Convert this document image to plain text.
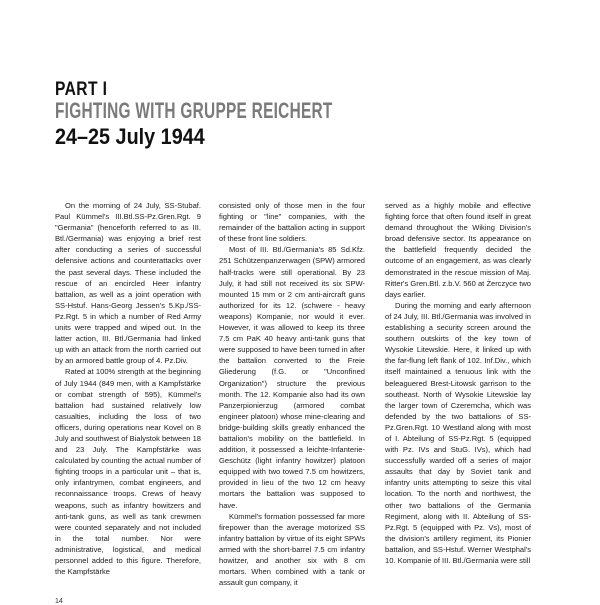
PART I
FIGHTING WITH GRUPPE REICHERT
24–25 July 1944

On the morning of 24 July, SS-Stubaf. Paul Kümmel's III.Btl.SS-Pz.Gren.Rgt. 9 "Germania" (henceforth referred to as III. Btl./Germania) was enjoying a brief rest after conducting a series of successful defensive actions and counterattacks over the past several days. These included the rescue of an encircled Heer infantry battalion, as well as a joint operation with SS-Hstuf. Hans-Georg Jessen's 5.Kp./SS-Pz.Rgt. 5 in which a number of Red Army units were trapped and wiped out. In the latter action, III. Btl./Germania had linked up with an attack from the north carried out by an armored battle group of 4. Pz.Div.

Rated at 100% strength at the beginning of July 1944 (849 men, with a Kampfstärke or combat strength of 595), Kümmel's battalion had sustained relatively low casualties, including the loss of two officers, during operations near Kovel on 8 July and southwest of Bialystok between 18 and 23 July. The Kampfstärke was calculated by counting the actual number of fighting troops in a particular unit – that is, only infantrymen, combat engineers, and reconnaissance troops. Crews of heavy weapons, such as infantry howitzers and anti-tank guns, as well as tank crewmen were counted separately and not included in the total number. Nor were administrative, logistical, and medical personnel added to this figure. Therefore, the Kampfstärke

consisted only of those men in the four fighting or "line" companies, with the remainder of the battalion acting in support of these front line soldiers.

Most of III. Btl./Germania's 85 Sd.Kfz. 251 Schützenpanzerwagen (SPW) armored half-tracks were still operational. By 23 July, it had still not received its six SPW-mounted 15 mm or 2 cm anti-aircraft guns authorized for its 12. (schwere - heavy weapons) Kompanie, nor would it ever. However, it was allowed to keep its three 7.5 cm PaK 40 heavy anti-tank guns that were supposed to have been turned in after the battalion converted to the Freie Gliederung (f.G. or "Unconfined Organization") structure the previous month. The 12. Kompanie also had its own Panzerpionierzug (armored combat engineer platoon) whose mine-clearing and bridge-building skills greatly enhanced the battalion's mobility on the battlefield. In addition, it possessed a leichte-Infanterie-Geschütz (light infantry howitzer) platoon equipped with two towed 7.5 cm howitzers, provided in lieu of the two 12 cm heavy mortars the battalion was supposed to have.

Kümmel's formation possessed far more firepower than the average motorized SS infantry battalion by virtue of its eight SPWs armed with the short-barrel 7.5 cm infantry howitzer, and another six with 8 cm mortars. When combined with a tank or assault gun company, it

served as a highly mobile and effective fighting force that often found itself in great demand throughout the Wiking Division's broad defensive sector. Its appearance on the battlefield frequently decided the outcome of an engagement, as was clearly demonstrated in the rescue mission of Maj. Ritter's Gren.Btl. z.b.V. 560 at Żerczyce two days earlier.

During the morning and early afternoon of 24 July, III. Btl./Germania was involved in establishing a security screen around the southern outskirts of the key town of Wysokie Litewskie. Here, it linked up with the far-flung left flank of 102. Inf.Div., which itself maintained a tenuous link with the beleaguered Brest-Litowsk garrison to the southeast. North of Wysokie Litewskie lay the larger town of Czeremcha, which was defended by the two battalions of SS-Pz.Gren.Rgt. 10 Westland along with most of I. Abteilung of SS-Pz.Rgt. 5 (equipped with Pz. IVs and StuG. IVs), which had successfully warded off a series of major assaults that day by Soviet tank and infantry units attempting to seize this vital location. To the north and northwest, the other two battalions of the Germania Regiment, along with II. Abteilung of SS-Pz.Rgt. 5 (equipped with Pz. Vs), most of the division's artillery regiment, its Pionier battalion, and SS-Hstuf. Werner Westphal's 10. Kompanie of III. Btl./Germania were still

14
